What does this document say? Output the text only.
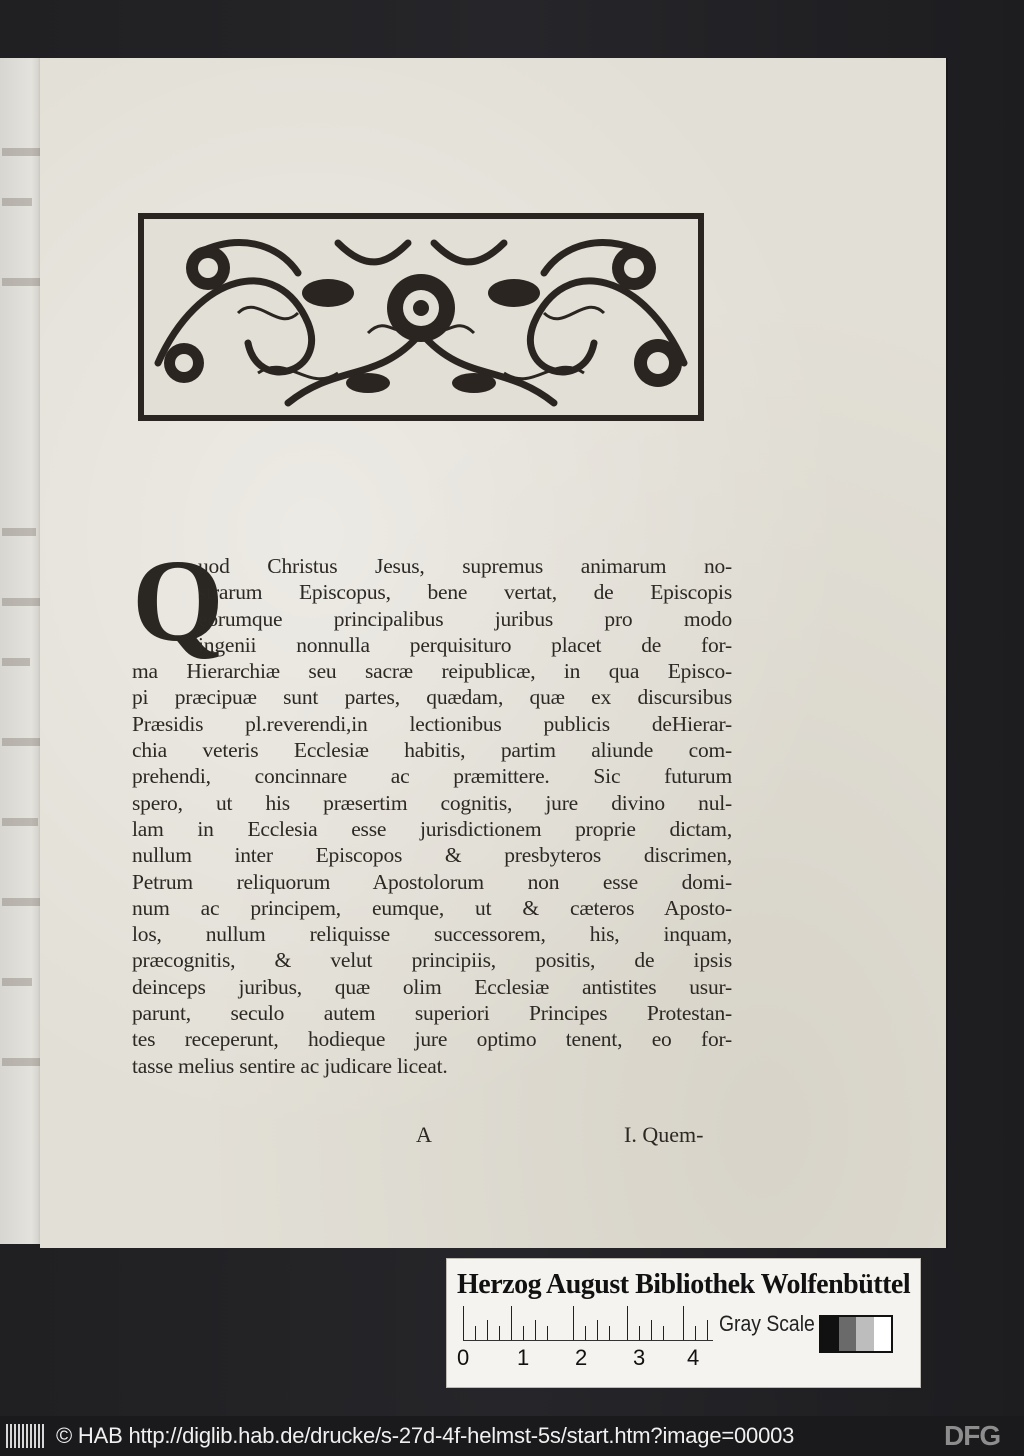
Q
uod Christus Jesus, supremus animarum no-
strarum Episcopus, bene vertat, de Episcopis
eorumque principalibus juribus pro modo
ingenii nonnulla perquisituro placet de for-
ma Hierarchiæ seu sacræ reipublicæ, in qua Episco-
pi præcipuæ sunt partes, quædam, quæ ex discursibus
Præsidis pl.reverendi,in lectionibus publicis deHierar-
chia veteris Ecclesiæ habitis, partim aliunde com-
prehendi, concinnare ac præmittere. Sic futurum
spero, ut his præsertim cognitis, jure divino nul-
lam in Ecclesia esse jurisdictionem proprie dictam,
nullum inter Episcopos & presbyteros discrimen,
Petrum reliquorum Apostolorum non esse domi-
num ac principem, eumque, ut & cæteros Aposto-
los, nullum reliquisse successorem, his, inquam,
præcognitis, & velut principiis, positis, de ipsis
deinceps juribus, quæ olim Ecclesiæ antistites usur-
parunt, seculo autem superiori Principes Protestan-
tes receperunt, hodieque jure optimo tenent, eo for-
tasse melius sentire ac judicare liceat.
A	I. Quem-
Herzog August Bibliothek Wolfenbüttel
0 1 2 3 4
Gray Scale
© HAB http://diglib.hab.de/drucke/s-27d-4f-helmst-5s/start.htm?image=00003	DFG
